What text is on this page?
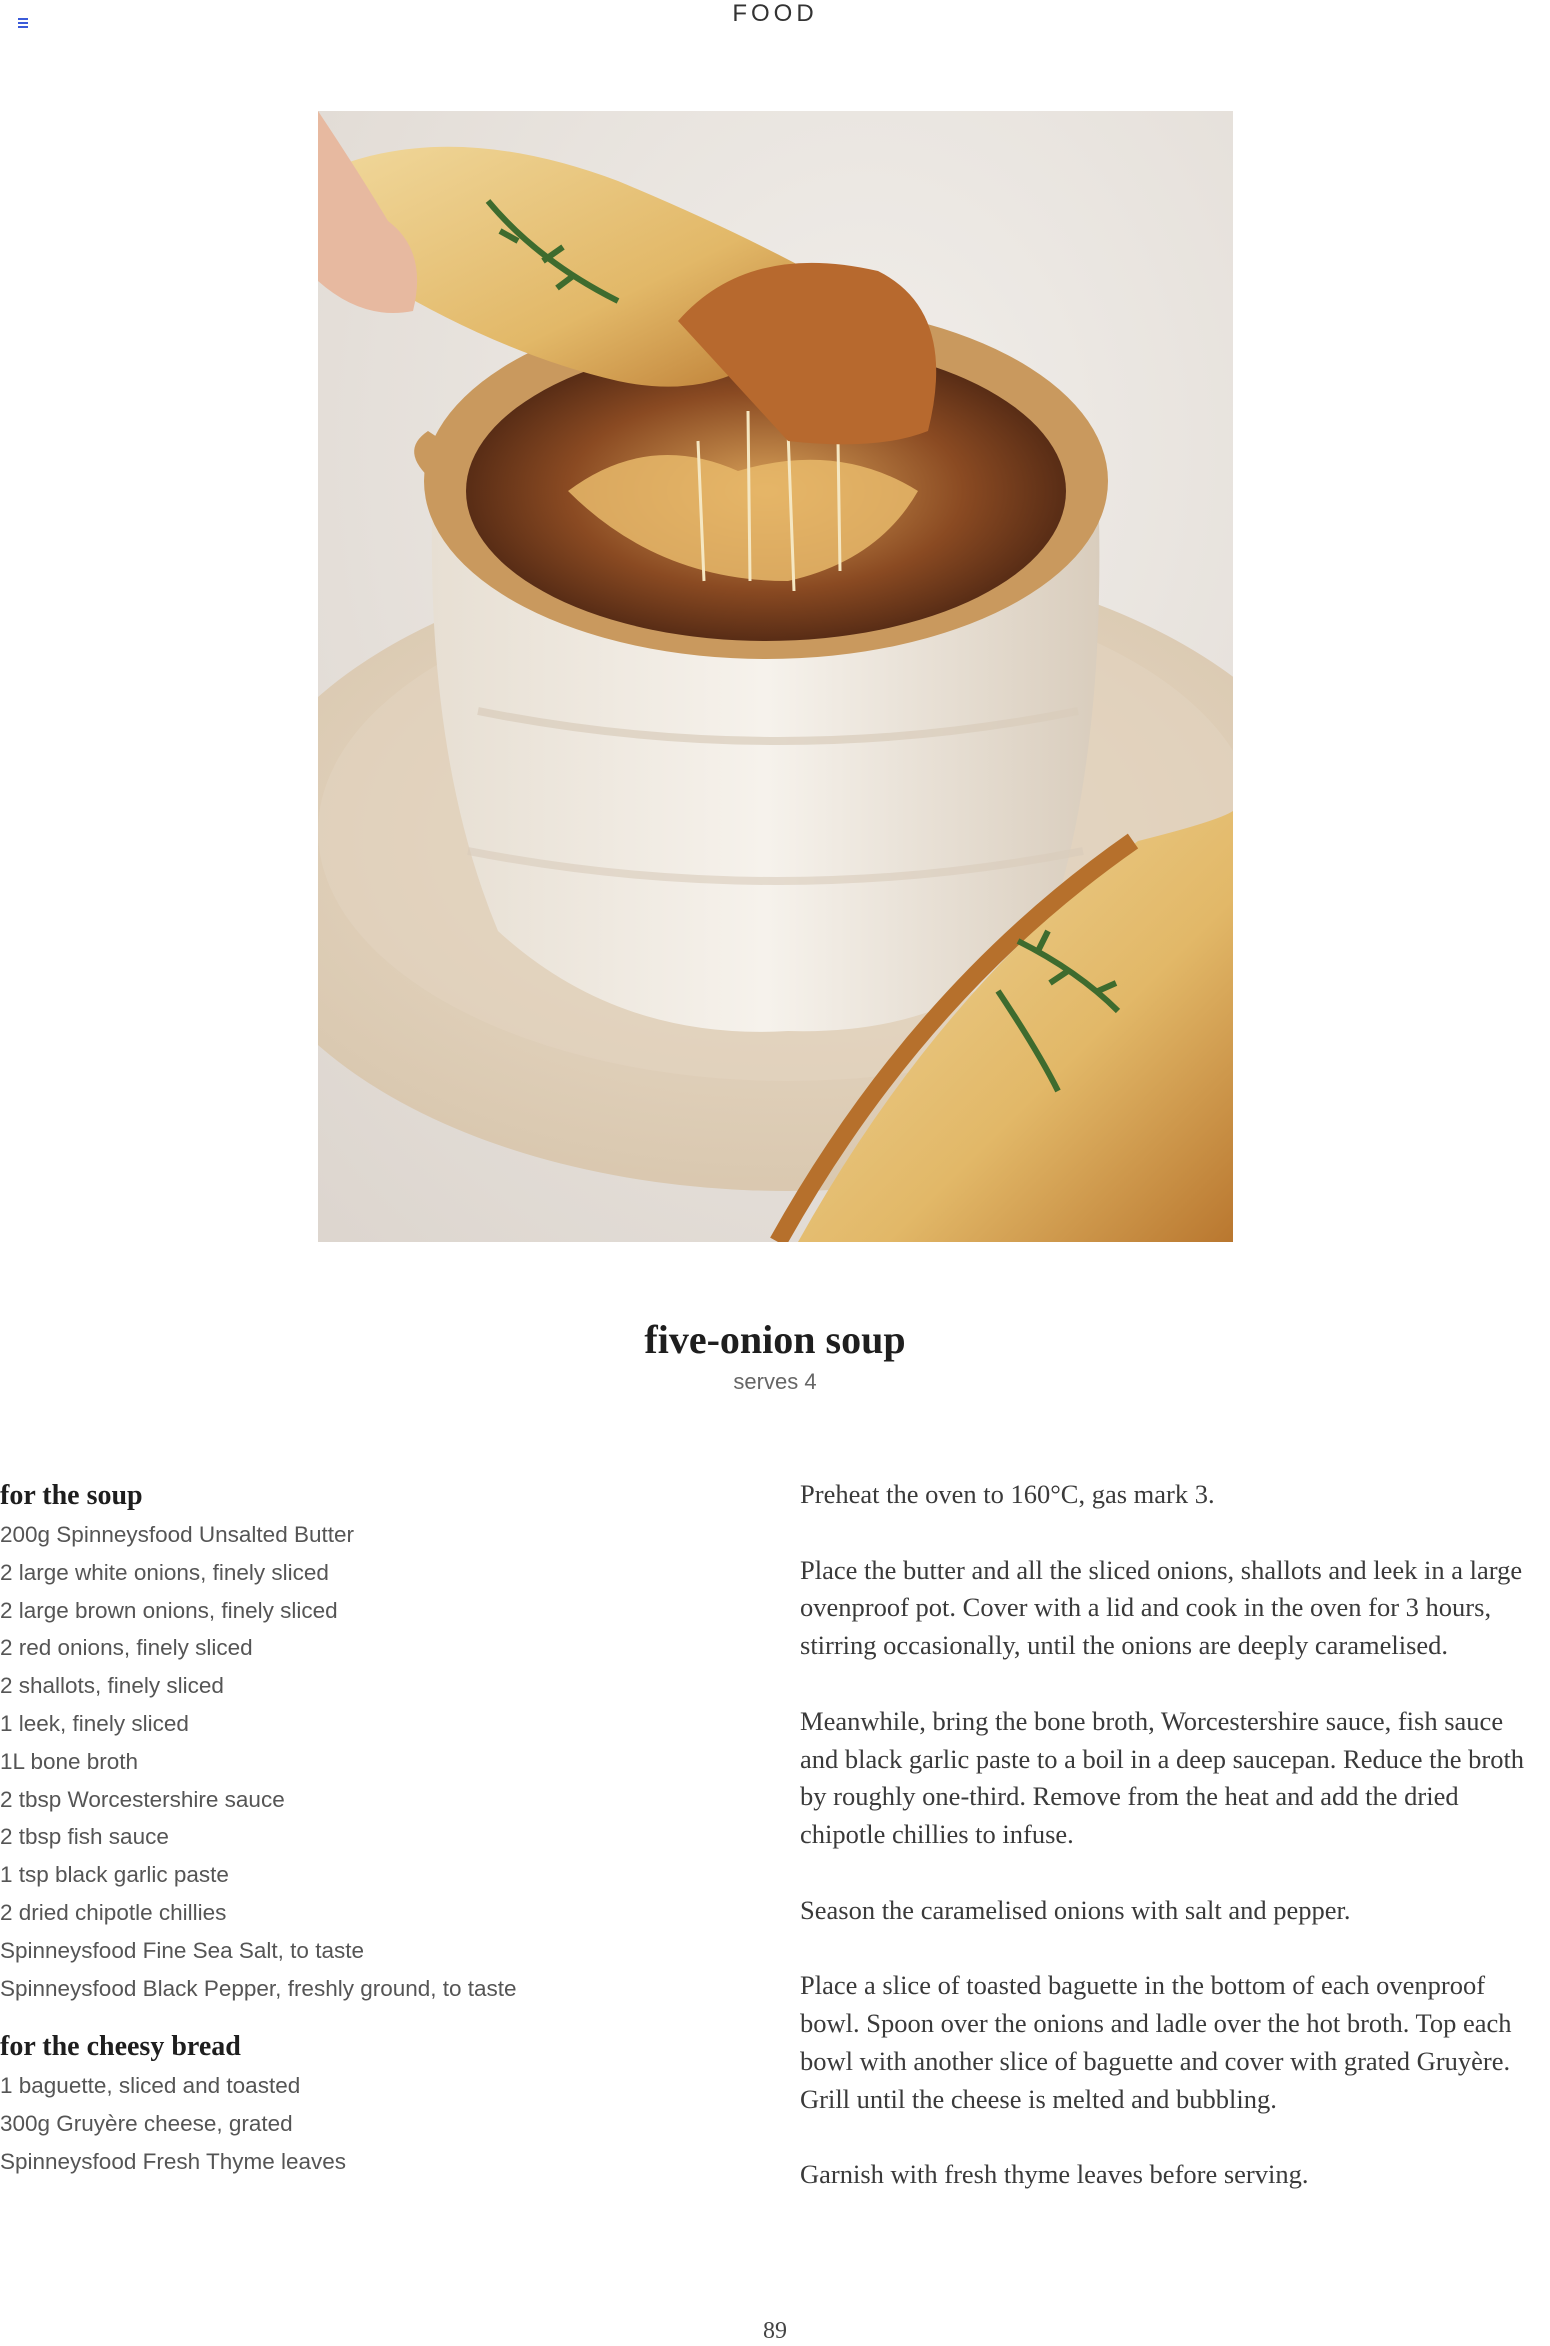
FOOD
five-onion soup
serves 4
for the soup
200g Spinneysfood Unsalted Butter
2 large white onions, finely sliced
2 large brown onions, finely sliced
2 red onions, finely sliced
2 shallots, finely sliced
1 leek, finely sliced
1L bone broth
2 tbsp Worcestershire sauce
2 tbsp fish sauce
1 tsp black garlic paste
2 dried chipotle chillies
Spinneysfood Fine Sea Salt, to taste
Spinneysfood Black Pepper, freshly ground, to taste
for the cheesy bread
1 baguette, sliced and toasted
300g Gruyère cheese, grated
Spinneysfood Fresh Thyme leaves

Preheat the oven to 160°C, gas mark 3.

Place the butter and all the sliced onions, shallots and leek in a large ovenproof pot. Cover with a lid and cook in the oven for 3 hours, stirring occasionally, until the onions are deeply caramelised.

Meanwhile, bring the bone broth, Worcestershire sauce, fish sauce and black garlic paste to a boil in a deep saucepan. Reduce the broth by roughly one-third. Remove from the heat and add the dried chipotle chillies to infuse.

Season the caramelised onions with salt and pepper.

Place a slice of toasted baguette in the bottom of each ovenproof bowl. Spoon over the onions and ladle over the hot broth. Top each bowl with another slice of baguette and cover with grated Gruyère. Grill until the cheese is melted and bubbling.

Garnish with fresh thyme leaves before serving.

89
